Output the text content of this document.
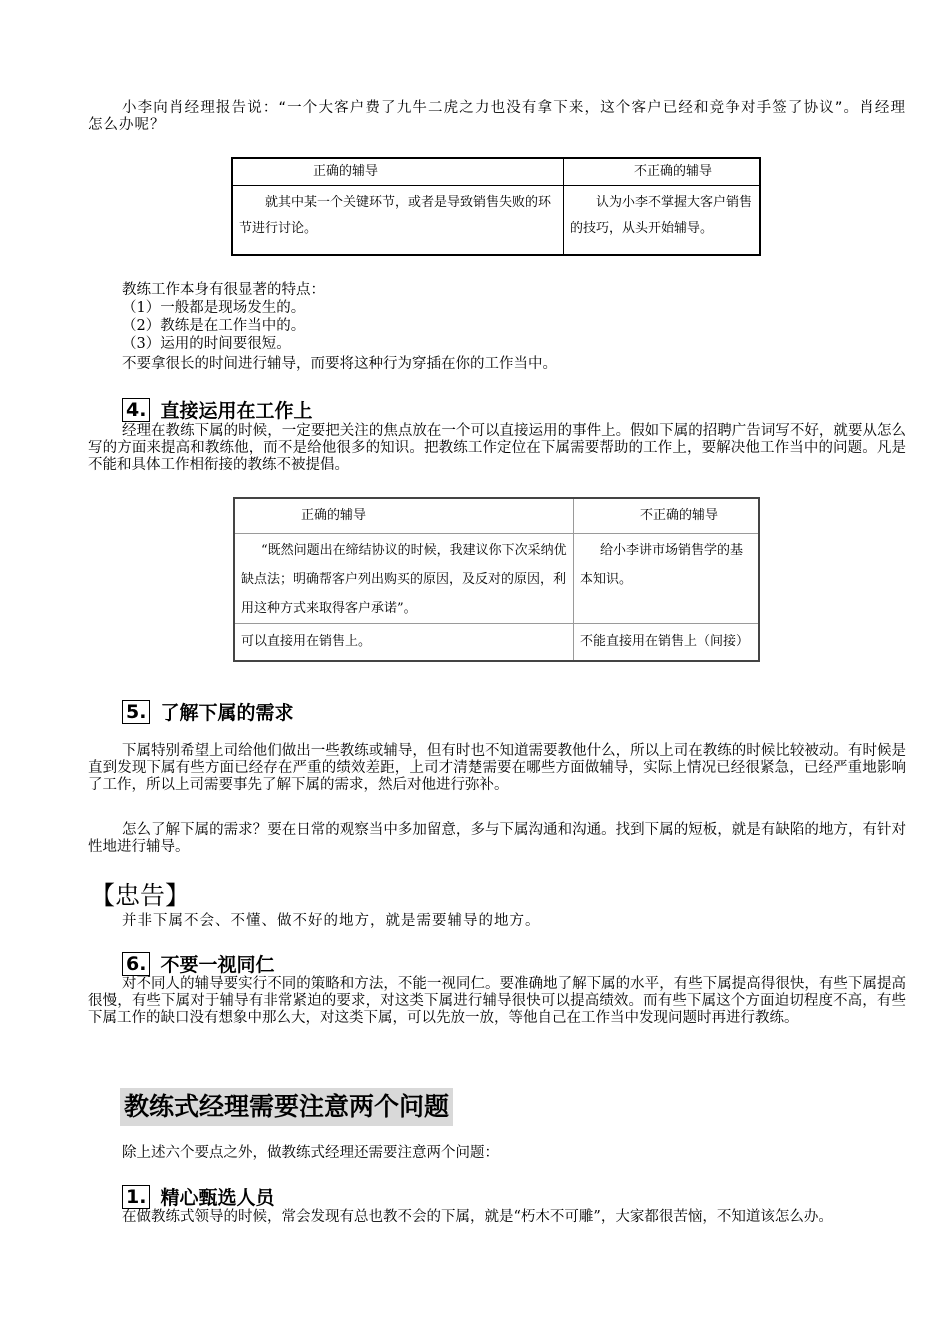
小李向肖经理报告说：“一个大客户费了九牛二虎之力也没有拿下来，这个客户已经和竞争对手签了协议”。肖经理怎么办呢？
正确的辅导	不正确的辅导
就其中某一个关键环节，或者是导致销售失败的环节进行讨论。	认为小李不掌握大客户销售的技巧，从头开始辅导。
教练工作本身有很显著的特点：
（1）一般都是现场发生的。
（2）教练是在工作当中的。
（3）运用的时间要很短。
不要拿很长的时间进行辅导，而要将这种行为穿插在你的工作当中。
4. 直接运用在工作上
经理在教练下属的时候，一定要把关注的焦点放在一个可以直接运用的事件上。假如下属的招聘广告词写不好，就要从怎么写的方面来提高和教练他，而不是给他很多的知识。把教练工作定位在下属需要帮助的工作上，要解决他工作当中的问题。凡是不能和具体工作相衔接的教练不被提倡。
正确的辅导	不正确的辅导
“既然问题出在缔结协议的时候，我建议你下次采纳优缺点法；明确帮客户列出购买的原因，及反对的原因，利用这种方式来取得客户承诺”。	给小李讲市场销售学的基本知识。
可以直接用在销售上。	不能直接用在销售上（间接）
5. 了解下属的需求
下属特别希望上司给他们做出一些教练或辅导，但有时也不知道需要教他什么，所以上司在教练的时候比较被动。有时候是直到发现下属有些方面已经存在严重的绩效差距，上司才清楚需要在哪些方面做辅导，实际上情况已经很紧急，已经严重地影响了工作，所以上司需要事先了解下属的需求，然后对他进行弥补。
怎么了解下属的需求？要在日常的观察当中多加留意，多与下属沟通和沟通。找到下属的短板，就是有缺陷的地方，有针对性地进行辅导。
【忠告】
并非下属不会、不懂、做不好的地方，就是需要辅导的地方。
6. 不要一视同仁
对不同人的辅导要实行不同的策略和方法，不能一视同仁。要准确地了解下属的水平，有些下属提高得很快，有些下属提高很慢，有些下属对于辅导有非常紧迫的要求，对这类下属进行辅导很快可以提高绩效。而有些下属这个方面迫切程度不高，有些下属工作的缺口没有想象中那么大，对这类下属，可以先放一放，等他自己在工作当中发现问题时再进行教练。
教练式经理需要注意两个问题
除上述六个要点之外，做教练式经理还需要注意两个问题：
1. 精心甄选人员
在做教练式领导的时候，常会发现有总也教不会的下属，就是“朽木不可雕”，大家都很苦恼，不知道该怎么办。
